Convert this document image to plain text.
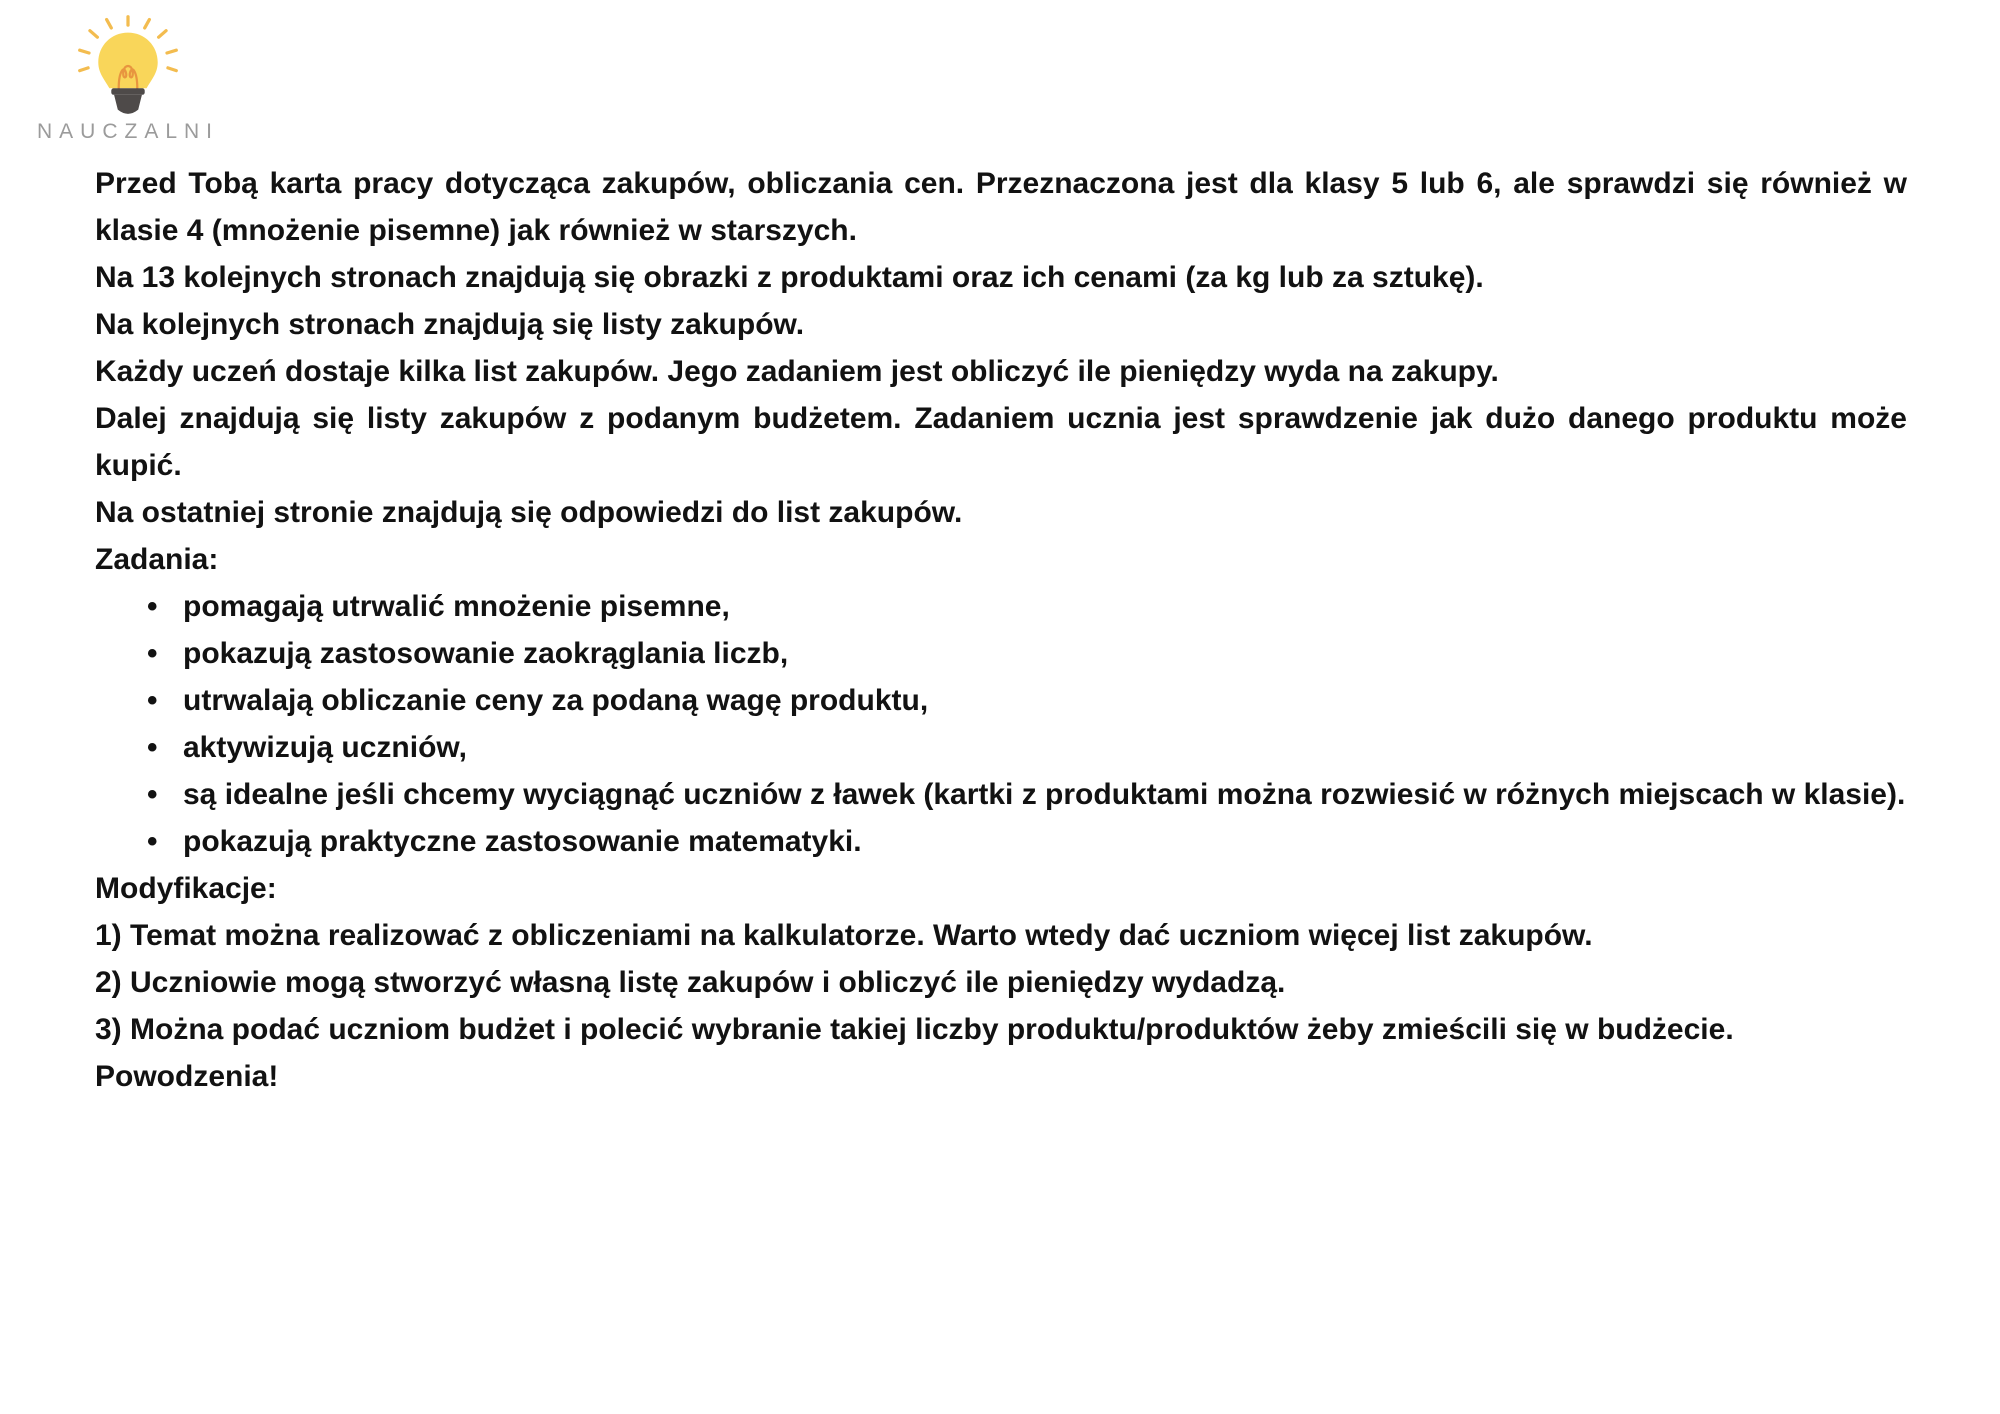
NAUCZALNI

Przed Tobą karta pracy dotycząca zakupów, obliczania cen. Przeznaczona jest dla klasy 5 lub 6, ale sprawdzi się również w klasie 4 (mnożenie pisemne) jak również w starszych.

Na 13 kolejnych stronach znajdują się obrazki z produktami oraz ich cenami (za kg lub za sztukę).

Na kolejnych stronach znajdują się listy zakupów.

Każdy uczeń dostaje kilka list zakupów. Jego zadaniem jest obliczyć ile pieniędzy wyda na zakupy.

Dalej znajdują się listy zakupów z podanym budżetem. Zadaniem ucznia jest sprawdzenie jak dużo danego produktu może kupić.

Na ostatniej stronie znajdują się odpowiedzi do list zakupów.

Zadania:

• pomagają utrwalić mnożenie pisemne,
• pokazują zastosowanie zaokrąglania liczb,
• utrwalają obliczanie ceny za podaną wagę produktu,
• aktywizują uczniów,
• są idealne jeśli chcemy wyciągnąć uczniów z ławek (kartki z produktami można rozwiesić w różnych miejscach w klasie).
• pokazują praktyczne zastosowanie matematyki.

Modyfikacje:

1) Temat można realizować z obliczeniami na kalkulatorze. Warto wtedy dać uczniom więcej list zakupów.

2) Uczniowie mogą stworzyć własną listę zakupów i obliczyć ile pieniędzy wydadzą.

3) Można podać uczniom budżet i polecić wybranie takiej liczby produktu/produktów żeby zmieścili się w budżecie.

Powodzenia!
